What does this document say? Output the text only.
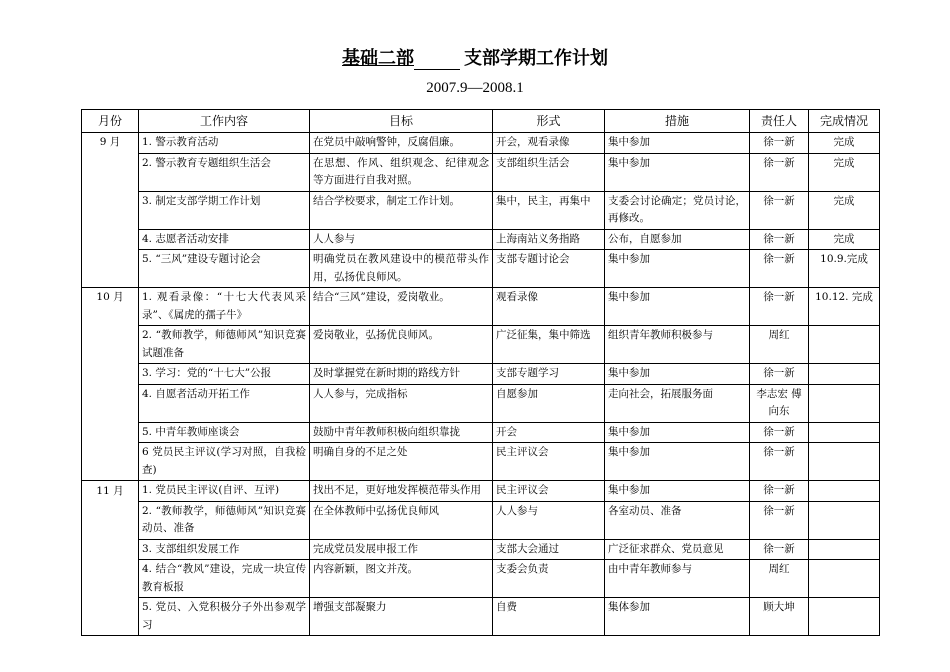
基础二部	支部学期工作计划
2007.9—2008.1
月份	工作内容	目标	形式	措施	责任人	完成情况
9 月	1. 警示教育活动	在党员中敲响警钟，反腐倡廉。	开会，观看录像	集中参加	徐一新	完成
	2. 警示教育专题组织生活会	在思想、作风、组织观念、纪律观念等方面进行自我对照。	支部组织生活会	集中参加	徐一新	完成
	3. 制定支部学期工作计划	结合学校要求，制定工作计划。	集中，民主，再集中	支委会讨论确定；党员讨论，再修改。	徐一新	完成
	4. 志愿者活动安排	人人参与	上海南站义务指路	公布，自愿参加	徐一新	完成
	5. “三风”建设专题讨论会	明确党员在教风建设中的模范带头作用，弘扬优良师风。	支部专题讨论会	集中参加	徐一新	10.9.完成
10 月	1. 观看录像：“十七大代表风采录”、《属虎的孺子牛》	结合“三风”建设，爱岗敬业。	观看录像	集中参加	徐一新	10.12. 完成
	2. “教师教学，师德师风”知识竞赛试题准备	爱岗敬业，弘扬优良师风。	广泛征集，集中筛选	组织青年教师积极参与	周红	
	3. 学习：党的“十七大”公报	及时掌握党在新时期的路线方针	支部专题学习	集中参加	徐一新	
	4. 自愿者活动开拓工作	人人参与，完成指标	自愿参加	走向社会，拓展服务面	李志宏 傅向东	
	5. 中青年教师座谈会	鼓励中青年教师积极向组织靠拢	开会	集中参加	徐一新	
	6 党员民主评议(学习对照，自我检查)	明确自身的不足之处	民主评议会	集中参加	徐一新	
11 月	1. 党员民主评议(自评、互评)	找出不足，更好地发挥模范带头作用	民主评议会	集中参加	徐一新	
	2. “教师教学，师德师风”知识竞赛动员、准备	在全体教师中弘扬优良师风	人人参与	各室动员、准备	徐一新	
	3. 支部组织发展工作	完成党员发展申报工作	支部大会通过	广泛征求群众、党员意见	徐一新	
	4. 结合“教风”建设，完成一块宣传教育板报	内容新颖，图文并茂。	支委会负责	由中青年教师参与	周红	
	5. 党员、入党积极分子外出参观学习	增强支部凝聚力	自费	集体参加	顾大坤	
